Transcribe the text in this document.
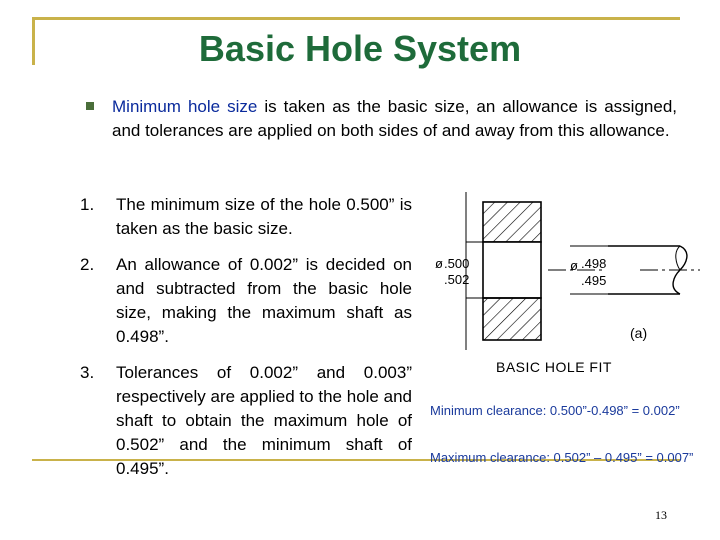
Basic Hole System
Minimum hole size is taken as the basic size, an allowance is assigned, and tolerances are applied on both sides of and away from this allowance.
1. The minimum size of the hole 0.500” is taken as the basic size.
2. An allowance of 0.002” is decided on and subtracted from the basic hole size, making the maximum shaft as 0.498”.
3. Tolerances of 0.002” and 0.003” respectively are applied to the hole and shaft to obtain the maximum hole of 0.502” and the minimum shaft of 0.495”.
ø .500
.502
ø .498
.495
(a)
BASIC HOLE FIT
Minimum clearance: 0.500”-0.498” = 0.002”
Maximum clearance: 0.502” – 0.495” = 0.007”
13
